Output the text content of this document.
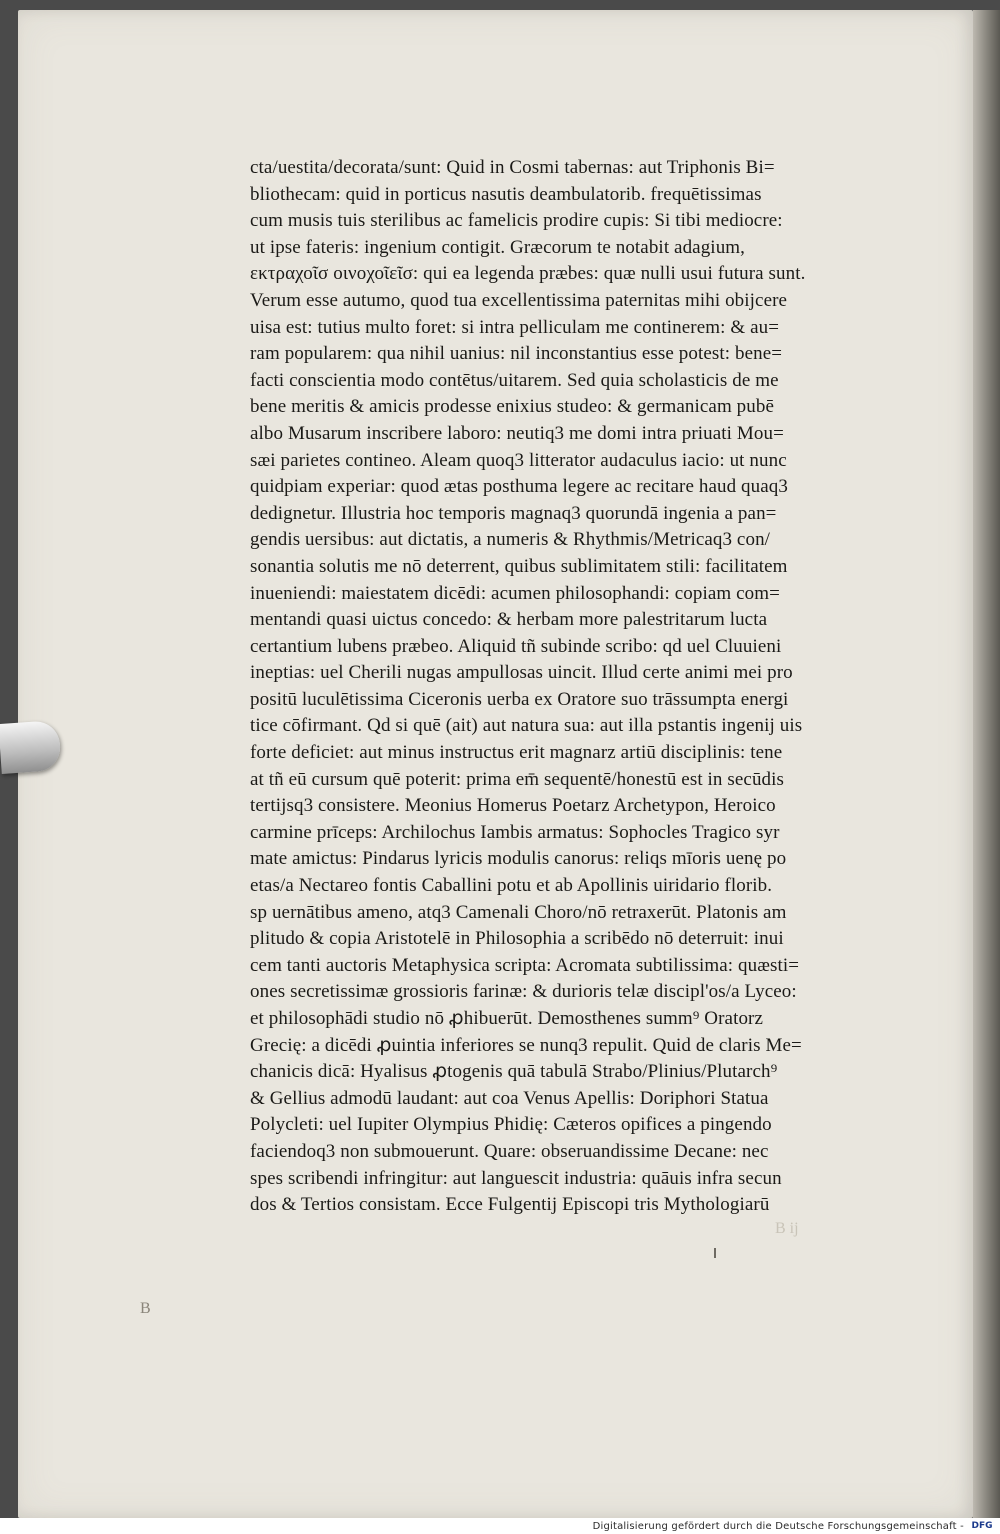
cta/uestita/decorata/sunt: Quid in Cosmi tabernas: aut Triphonis Bi=
bliothecam: quid in porticus nasutis deambulatorib. frequētissimas
cum musis tuis sterilibus ac famelicis prodire cupis: Si tibi mediocre:
ut ipse fateris: ingenium contigit. Græcorum te notabit adagium,
εκτραχοῖσ οινοχοῖεῖσ: qui ea legenda præbes: quæ nulli usui futura sunt.
Verum esse autumo, quod tua excellentissima paternitas mihi obijcere
uisa est: tutius multo foret: si intra pelliculam me continerem: & au=
ram popularem: qua nihil uanius: nil inconstantius esse potest: bene=
facti conscientia modo contētus/uitarem. Sed quia scholasticis de me
bene meritis & amicis prodesse enixius studeo: & germanicam pubē
albo Musarum inscribere laboro: neutiq3 me domi intra priuati Mou=
sæi parietes contineo. Aleam quoq3 litterator audaculus iacio: ut nunc
quidpiam experiar: quod ætas posthuma legere ac recitare haud quaq3
dedignetur. Illustria hoc temporis magnaq3 quorundā ingenia a pan=
gendis uersibus: aut dictatis, a numeris & Rhythmis/Metricaq3 con/
sonantia solutis me nō deterrent, quibus sublimitatem stili: facilitatem
inueniendi: maiestatem dicēdi: acumen philosophandi: copiam com=
mentandi quasi uictus concedo: & herbam more palestritarum lucta
certantium lubens præbeo. Aliquid tñ subinde scribo: qd uel Cluuieni
ineptias: uel Cherili nugas ampullosas uincit. Illud certe animi mei pro
positū luculētissima Ciceronis uerba ex Oratore suo trāssumpta energi
tice cōfirmant. Qd si quē (ait) aut natura sua: aut illa pstantis ingenij uis
forte deficiet: aut minus instructus erit magnarz artiū disciplinis: tene
at tñ eū cursum quē poterit: prima em̄ sequentē/honestū est in secūdis
tertijsq3 consistere. Meonius Homerus Poetarz Archetypon, Heroico
carmine prīceps: Archilochus Iambis armatus: Sophocles Tragico syr
mate amictus: Pindarus lyricis modulis canorus: reliqs mīoris uenę po
etas/a Nectareo fontis Caballini potu et ab Apollinis uiridario florib.
sp uernātibus ameno, atq3 Camenali Choro/nō retraxerūt. Platonis am
plitudo & copia Aristotelē in Philosophia a scribēdo nō deterruit: inui
cem tanti auctoris Metaphysica scripta: Acromata subtilissima: quæsti=
ones secretissimæ grossioris farinæ: & durioris telæ discipl'os/a Lyceo:
et philosophādi studio nō ꝓhibuerūt. Demosthenes summ⁹ Oratorz
Grecię: a dicēdi ꝓuintia inferiores se nunq3 repulit. Quid de claris Me=
chanicis dicā: Hyalisus ꝓtogenis quā tabulā Strabo/Plinius/Plutarch⁹
& Gellius admodū laudant: aut coa Venus Apellis: Doriphori Statua
Polycleti: uel Iupiter Olympius Phidię: Cæteros opifices a pingendo
faciendoq3 non submouerunt. Quare: obseruandissime Decane: nec
spes scribendi infringitur: aut languescit industria: quāuis infra secun
dos & Tertios consistam. Ecce Fulgentij Episcopi tris Mythologiarū
B ij
B
Digitalisierung gefördert durch die Deutsche Forschungsgemeinschaft - DFG
